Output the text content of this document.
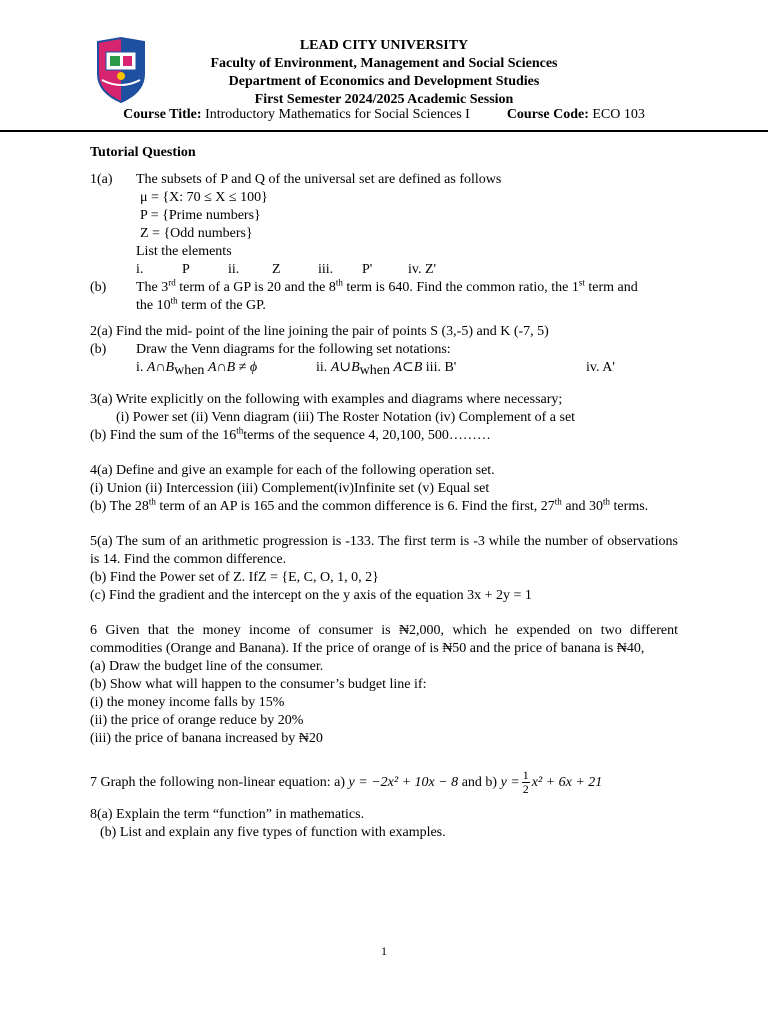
LEAD CITY UNIVERSITY
Faculty of Environment, Management and Social Sciences
Department of Economics and Development Studies
First Semester 2024/2025 Academic Session
Course Title: Introductory Mathematics for Social Sciences I	Course Code: ECO 103

Tutorial Question

1(a)	The subsets of P and Q of the universal set are defined as follows
μ = {X: 70 ≤ X ≤ 100}
P = {Prime numbers}
Z = {Odd numbers}
List the elements
i.	P	ii. Z	iii. P'	iv. Z'
(b)	The 3rd term of a GP is 20 and the 8th term is 640. Find the common ratio, the 1st term and
the 10th term of the GP.
2(a) Find the mid- point of the line joining the pair of points S (3,-5) and K (-7, 5)
(b)	Draw the Venn diagrams for the following set notations:
i. A∩Bwhen A∩B ≠ ϕ	ii. A∪Bwhen A⊂B iii. B'	iv. A'
3(a) Write explicitly on the following with examples and diagrams where necessary;
(i) Power set (ii) Venn diagram (iii) The Roster Notation (iv) Complement of a set
(b) Find the sum of the 16thterms of the sequence 4, 20,100, 500………
4(a) Define and give an example for each of the following operation set.
(i) Union (ii) Intercession (iii) Complement(iv)Infinite set (v) Equal set
(b) The 28th term of an AP is 165 and the common difference is 6. Find the first, 27th and 30th terms.
5(a) The sum of an arithmetic progression is -133. The first term is -3 while the number of observations is 14. Find the common difference.
(b) Find the Power set of Z. IfZ = {E, C, O, 1, 0, 2}
(c) Find the gradient and the intercept on the y axis of the equation 3x + 2y = 1
6 Given that the money income of consumer is ₦2,000, which he expended on two different commodities (Orange and Banana). If the price of orange of is ₦50 and the price of banana is ₦40,
(a) Draw the budget line of the consumer.
(b) Show what will happen to the consumer’s budget line if:
(i) the money income falls by 15%
(ii) the price of orange reduce by 20%
(iii) the price of banana increased by ₦20
7 Graph the following non-linear equation: a) y = −2x² + 10x − 8 and b) $y = \frac{1}{2} x^2 + 6x + 21$
8(a) Explain the term “function” in mathematics.
(b) List and explain any five types of function with examples.
1
